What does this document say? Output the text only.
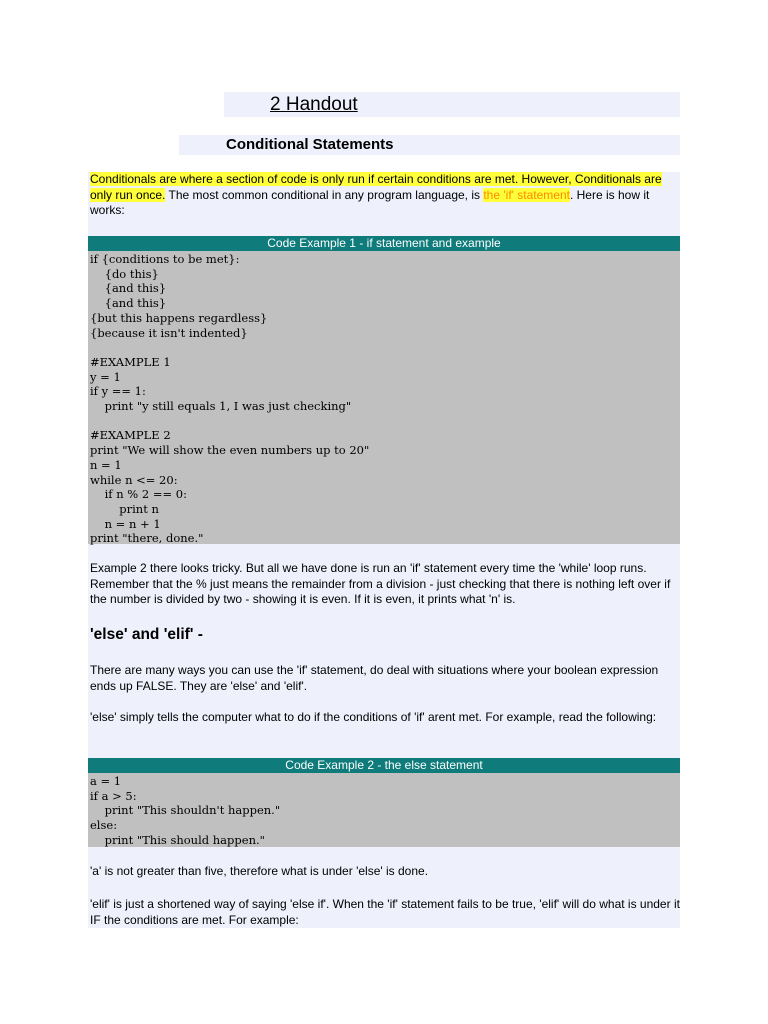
2 Handout
Conditional Statements

Conditionals are where a section of code is only run if certain conditions are met. However, Conditionals are only run once. The most common conditional in any program language, is the 'if' statement. Here is how it works:

Code Example 1 - if statement and example
if {conditions to be met}:
{do this}
{and this}
{and this}
{but this happens regardless}
{because it isn't indented}

#EXAMPLE 1
y = 1
if y == 1:
print "y still equals 1, I was just checking"

#EXAMPLE 2
print "We will show the even numbers up to 20"
n = 1
while n <= 20:
if n % 2 == 0:
print n
n = n + 1
print "there, done."

Example 2 there looks tricky. But all we have done is run an 'if' statement every time the 'while' loop runs. Remember that the % just means the remainder from a division - just checking that there is nothing left over if the number is divided by two - showing it is even. If it is even, it prints what 'n' is.

'else' and 'elif' -

There are many ways you can use the 'if' statement, do deal with situations where your boolean expression ends up FALSE. They are 'else' and 'elif'.

'else' simply tells the computer what to do if the conditions of 'if' arent met. For example, read the following:

Code Example 2 - the else statement
a = 1
if a > 5:
print "This shouldn't happen."
else:
print "This should happen."

'a' is not greater than five, therefore what is under 'else' is done.

'elif' is just a shortened way of saying 'else if'. When the 'if' statement fails to be true, 'elif' will do what is under it IF the conditions are met. For example:
